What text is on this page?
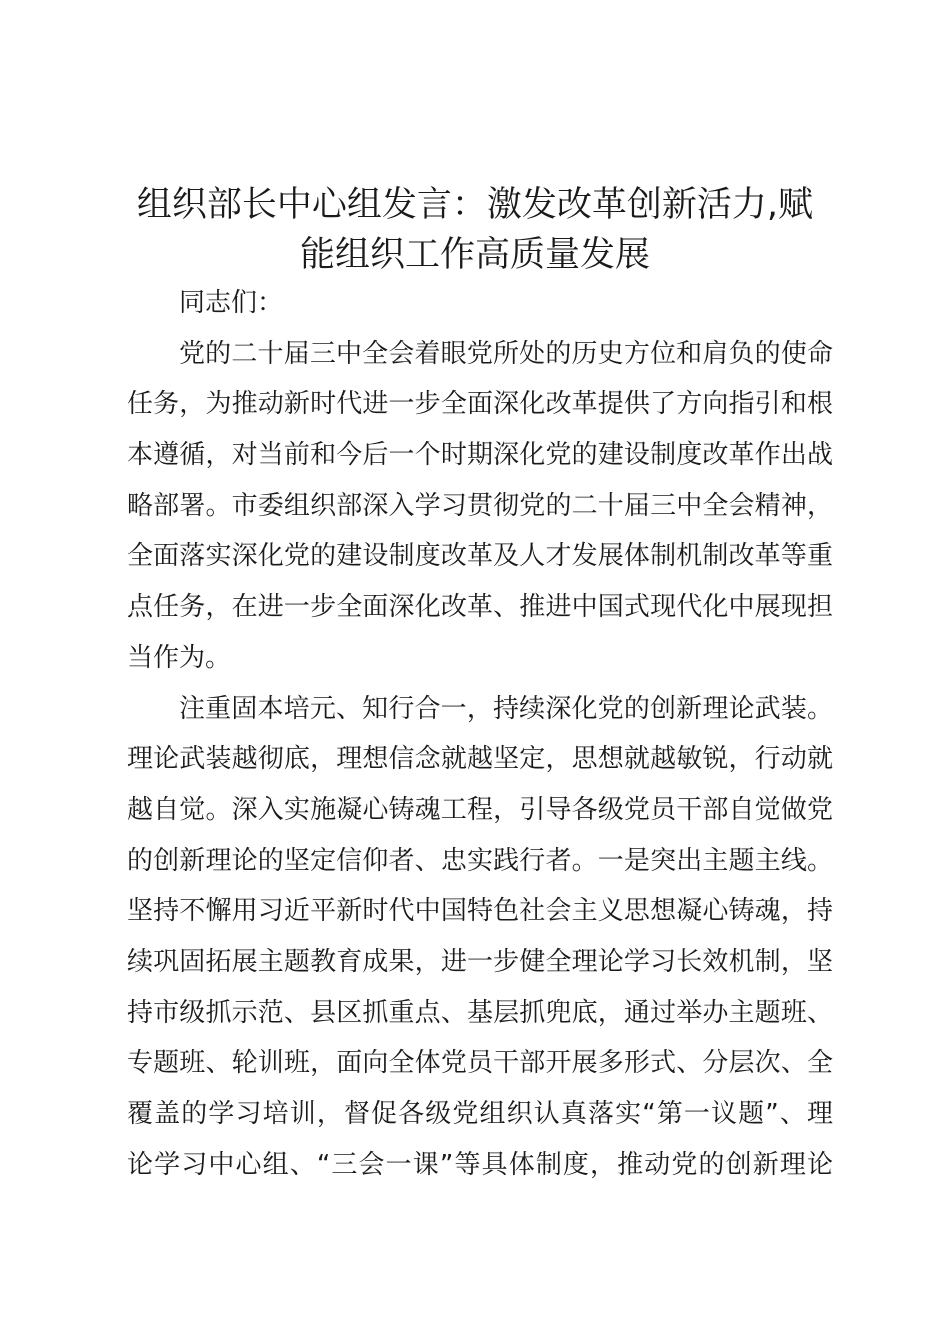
组织部长中心组发言：激发改革创新活力,赋
能组织工作高质量发展
同志们：
党的二十届三中全会着眼党所处的历史方位和肩负的使命
任务，为推动新时代进一步全面深化改革提供了方向指引和根
本遵循，对当前和今后一个时期深化党的建设制度改革作出战
略部署。市委组织部深入学习贯彻党的二十届三中全会精神，
全面落实深化党的建设制度改革及人才发展体制机制改革等重
点任务，在进一步全面深化改革、推进中国式现代化中展现担
当作为。
注重固本培元、知行合一，持续深化党的创新理论武装。
理论武装越彻底，理想信念就越坚定，思想就越敏锐，行动就
越自觉。深入实施凝心铸魂工程，引导各级党员干部自觉做党
的创新理论的坚定信仰者、忠实践行者。一是突出主题主线。
坚持不懈用习近平新时代中国特色社会主义思想凝心铸魂，持
续巩固拓展主题教育成果，进一步健全理论学习长效机制，坚
持市级抓示范、县区抓重点、基层抓兜底，通过举办主题班、
专题班、轮训班，面向全体党员干部开展多形式、分层次、全
覆盖的学习培训，督促各级党组织认真落实“第一议题”、理
论学习中心组、“三会一课”等具体制度，推动党的创新理论
